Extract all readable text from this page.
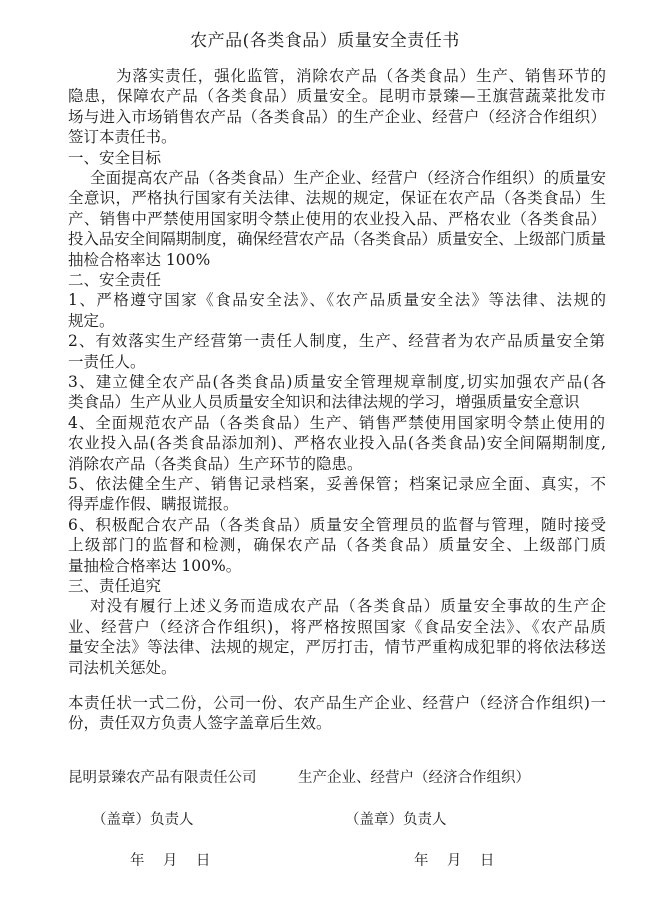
农产品(各类食品）质量安全责任书
为落实责任，强化监管，消除农产品（各类食品）生产、销售环节的
隐患，保障农产品（各类食品）质量安全。昆明市景臻—王旗营蔬菜批发市
场与进入市场销售农产品（各类食品）的生产企业、经营户（经济合作组织）
签订本责任书。
一、安全目标
全面提高农产品（各类食品）生产企业、经营户（经济合作组织）的质量安
全意识，严格执行国家有关法律、法规的规定，保证在农产品（各类食品）生
产、销售中严禁使用国家明令禁止使用的农业投入品、严格农业（各类食品）
投入品安全间隔期制度，确保经营农产品（各类食品）质量安全、上级部门质量
抽检合格率达 100%
二、安全责任
1、严格遵守国家《食品安全法》、《农产品质量安全法》等法律、法规的
规定。
2、有效落实生产经营第一责任人制度，生产、经营者为农产品质量安全第
一责任人。
3、建立健全农产品(各类食品)质量安全管理规章制度,切实加强农产品(各
类食品）生产从业人员质量安全知识和法律法规的学习，增强质量安全意识
4、全面规范农产品（各类食品）生产、销售严禁使用国家明令禁止使用的
农业投入品(各类食品添加剂)、严格农业投入品(各类食品)安全间隔期制度,
消除农产品（各类食品）生产环节的隐患。
5、依法健全生产、销售记录档案，妥善保管；档案记录应全面、真实，不
得弄虚作假、瞒报谎报。
6、积极配合农产品（各类食品）质量安全管理员的监督与管理，随时接受
上级部门的监督和检测，确保农产品（各类食品）质量安全、上级部门质
量抽检合格率达 100%。
三、责任追究
对没有履行上述义务而造成农产品（各类食品）质量安全事故的生产企
业、经营户（经济合作组织)，将严格按照国家《食品安全法》、《农产品质
量安全法》等法律、法规的规定，严厉打击，情节严重构成犯罪的将依法移送
司法机关惩处。
本责任状一式二份，公司一份、农产品生产企业、经营户（经济合作组织)一
份，责任双方负责人签字盖章后生效。
昆明景臻农产品有限责任公司	生产企业、经营户（经济合作组织）
（盖章）负责人	（盖章）负责人
年    月    日	年    月    日
